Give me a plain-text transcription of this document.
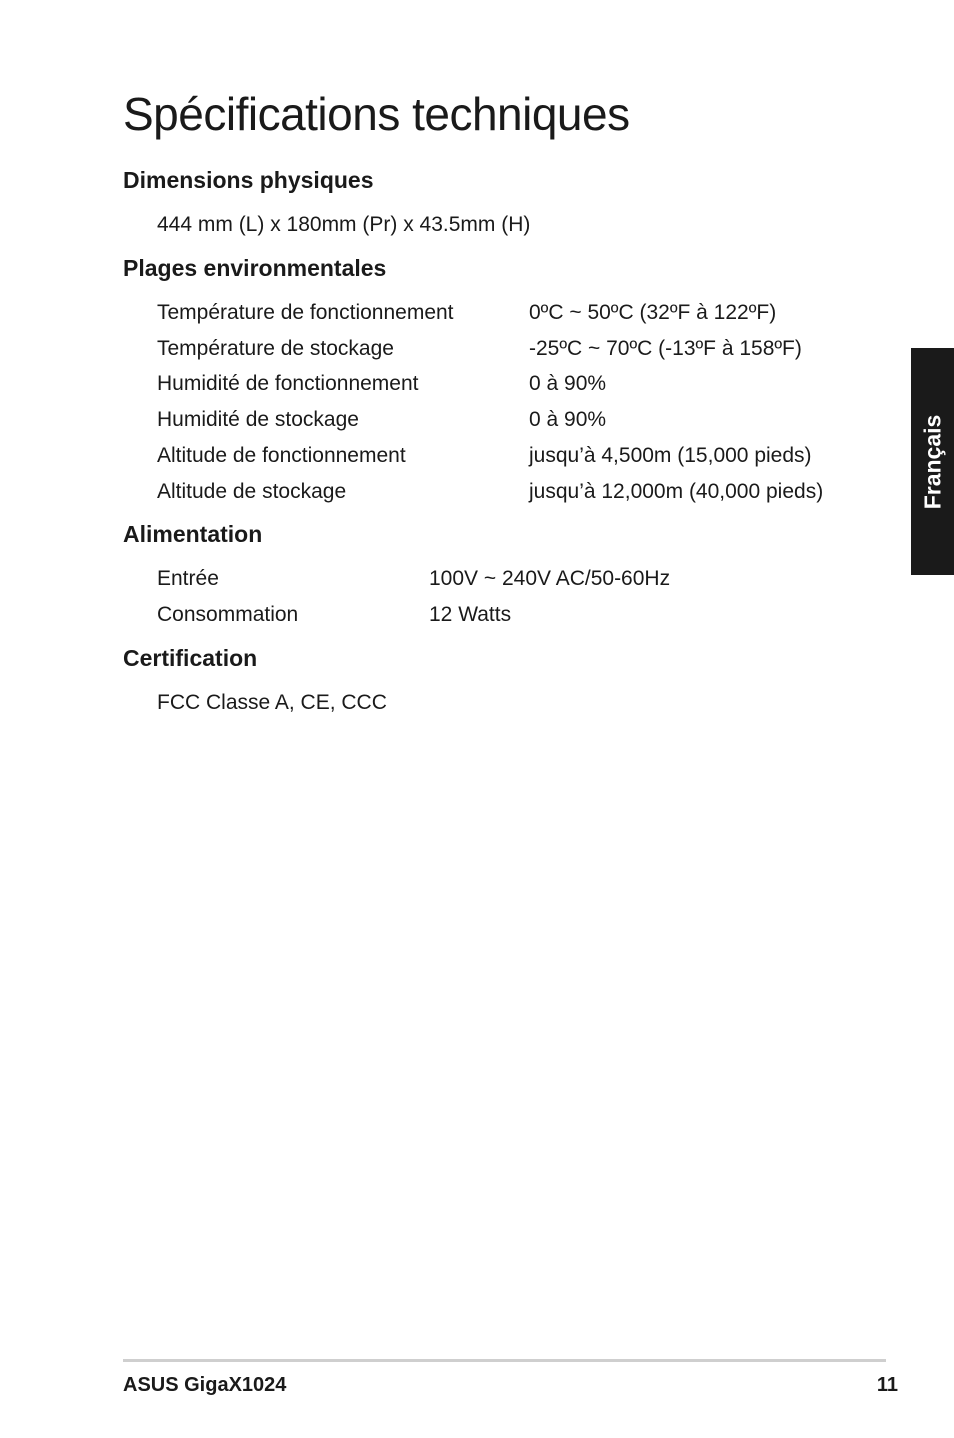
Spécifications techniques
Dimensions physiques
444 mm (L) x 180mm (Pr) x 43.5mm (H)
Plages environmentales
Température de fonctionnement	0ºC ~ 50ºC (32ºF à 122ºF)
Température de stockage	-25ºC ~ 70ºC (-13ºF à 158ºF)
Humidité de fonctionnement	0 à 90%
Humidité de stockage	0 à 90%
Altitude de fonctionnement	jusqu’à 4,500m (15,000 pieds)
Altitude de stockage	jusqu’à 12,000m (40,000 pieds)
Alimentation
Entrée	100V ~ 240V AC/50-60Hz
Consommation	12 Watts
Certification
FCC Classe A, CE, CCC
Français
ASUS GigaX1024	11
